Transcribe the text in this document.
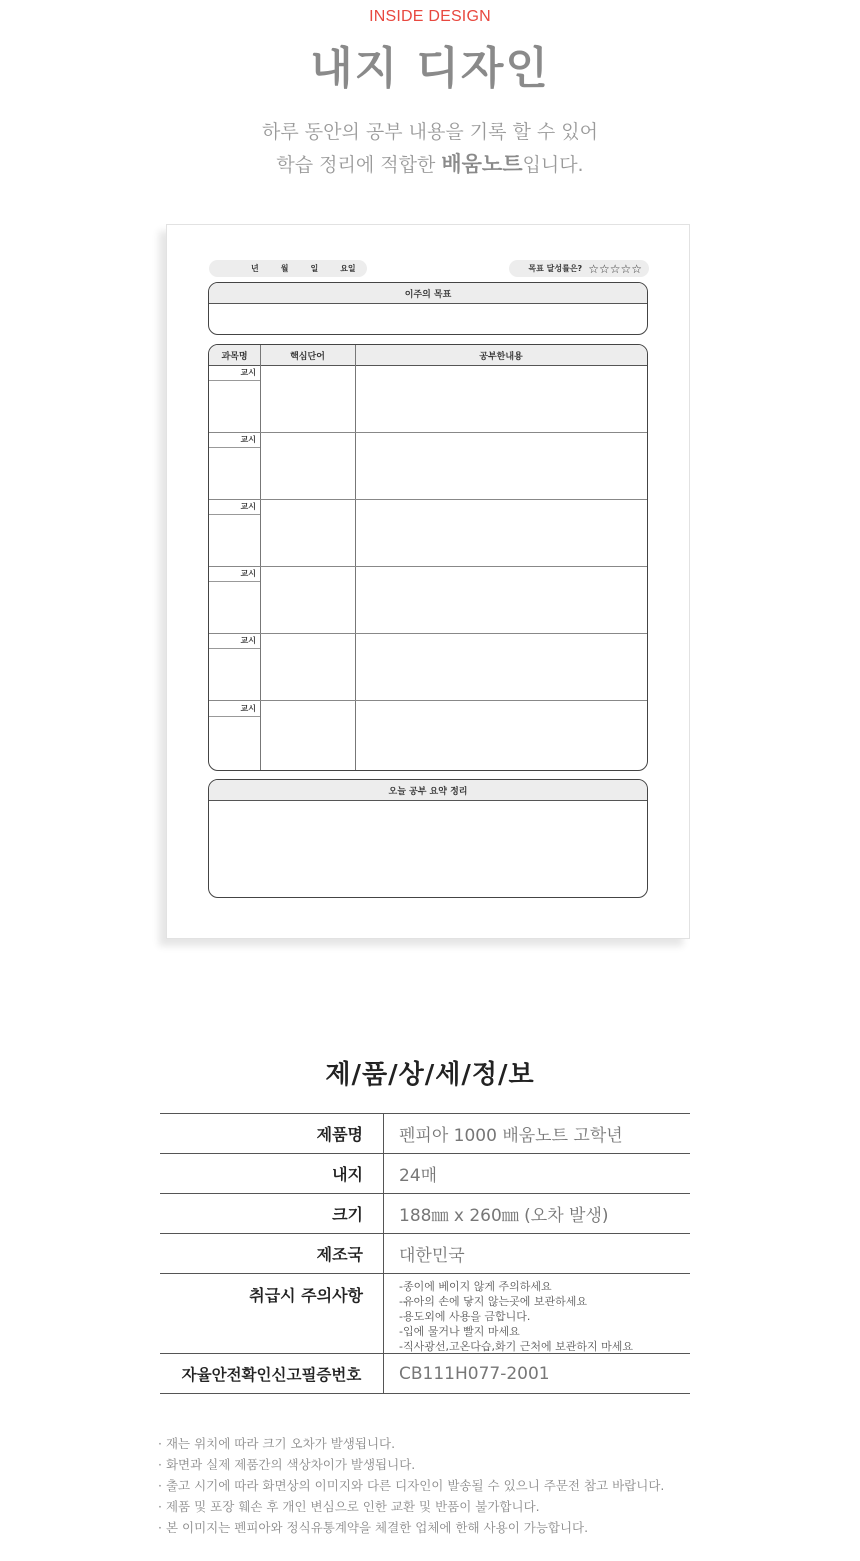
INSIDE DESIGN
내지 디자인
하루 동안의 공부 내용을 기록 할 수 있어
학습 정리에 적합한 배움노트입니다.
년	월	일	요일	목표 달성률은? ☆☆☆☆☆
이주의 목표
과목명	핵심단어	공부한내용
교시
교시
교시
교시
교시
교시
오늘 공부 요약 정리
제/품/상/세/정/보
제품명	펜피아 1000 배움노트 고학년
내지	24매
크기	188㎜ x 260㎜ (오차 발생)
제조국	대한민국
취급시 주의사항	-종이에 베이지 않게 주의하세요
-유아의 손에 닿지 않는곳에 보관하세요
-용도외에 사용을 금합니다.
-입에 물거나 빨지 마세요
-직사광선,고온다습,화기 근처에 보관하지 마세요
자율안전확인신고필증번호	CB111H077-2001
· 재는 위치에 따라 크기 오차가 발생됩니다.
· 화면과 실제 제품간의 색상차이가 발생됩니다.
· 출고 시기에 따라 화면상의 이미지와 다른 디자인이 발송될 수 있으니 주문전 참고 바랍니다.
· 제품 및 포장 훼손 후 개인 변심으로 인한 교환 및 반품이 불가합니다.
· 본 이미지는 펜피아와 정식유통계약을 체결한 업체에 한해 사용이 가능합니다.
